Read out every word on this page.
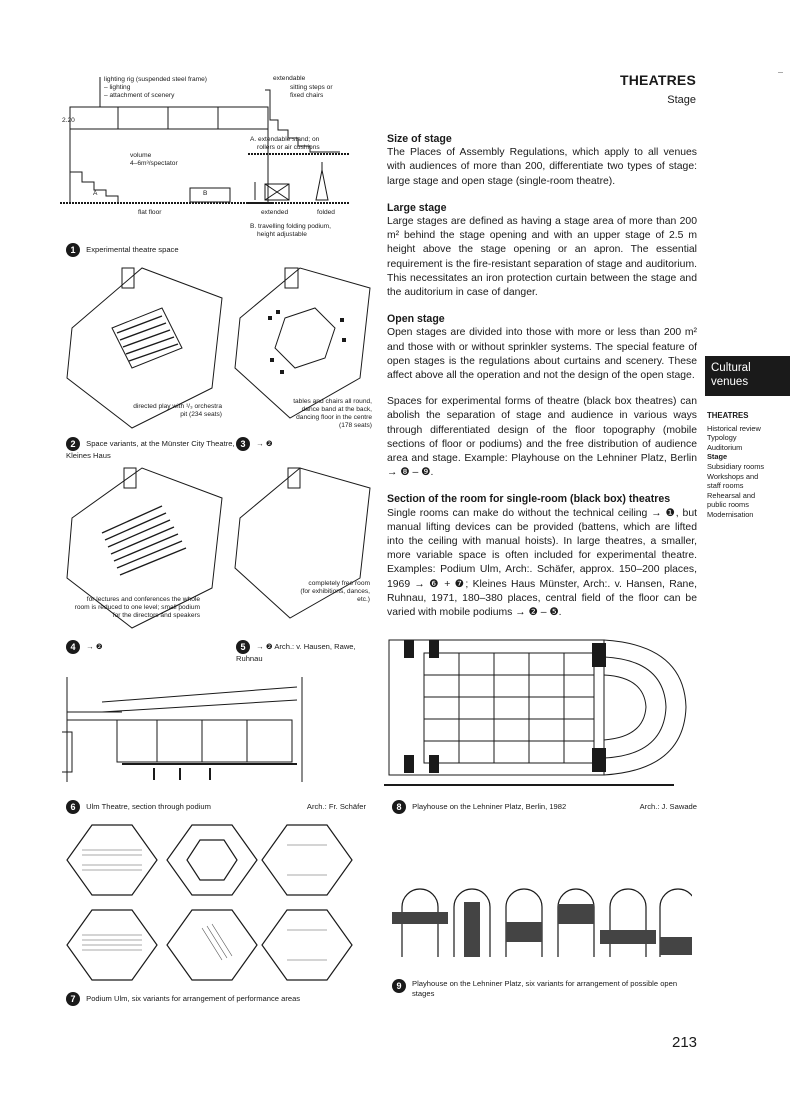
THEATRES
Stage
Size of stage

The Places of Assembly Regulations, which apply to all venues with audiences of more than 200, differentiate two types of stage: large stage and open stage (single-room theatre).

Large stage

Large stages are defined as having a stage area of more than 200 m² behind the stage opening and with an upper stage of 2.5 m height above the stage opening or an apron. The essential requirement is the fire-resistant separation of stage and auditorium. This necessitates an iron protection curtain between the stage and the auditorium in case of danger.

Open stage

Open stages are divided into those with more or less than 200 m² and those with or without sprinkler systems. The special feature of open stages is the regulations about curtains and scenery. These affect above all the operation and not the design of the open stage.

Spaces for experimental forms of theatre (black box theatres) can abolish the separation of stage and audience in various ways through differentiated design of the floor topography (mobile sections of floor or podiums) and the free distribution of audience area and stage. Example: Playhouse on the Lehniner Platz, Berlin → ❽ – ❾.

Section of the room for single-room (black box) theatres

Single rooms can make do without the technical ceiling → ❶, but manual lifting devices can be provided (battens, which are lifted into the ceiling with manual hoists). In large theatres, a smaller, more variable space is often included for experimental theatre. Examples: Podium Ulm, Arch:. Schäfer, approx. 150–200 places, 1969 → ❻ + ❼; Kleines Haus Münster, Arch:. v. Hansen, Rane, Ruhnau, 1971, 180–380 places, central field of the floor can be varied with mobile podiums → ❷ – ❺.

Cultural
venues
THEATRES
Historical review
Typology
Auditorium
Stage
Subsidiary rooms
Workshops and
staff rooms
Rehearsal and
public rooms
Modernisation
lighting rig (suspended steel frame)
– lighting
– attachment of scenery
2.20
volume
4–6m³/spectator
A	B
flat floor
extendable
sitting steps or
fixed chairs
A. extendable stand; on
rollers or air cushions
extended	folded
B. travelling folding podium,
height adjustable
1 Experimental theatre space
directed play with ¹/₃ orchestra pit (234 seats)
2 Space variants, at the Münster City Theatre, Kleines Haus
tables and chairs all round, dance band at the back, dancing floor in the centre (178 seats)
3 → ❷
for lectures and conferences the whole room is reduced to one level; small podium for the directors and speakers
4 → ❷
completely free room (for exhibitions, dances, etc.)
5 → ❷ Arch.: v. Hausen, Rawe, Ruhnau
6 Ulm Theatre, section through podium	Arch.: Fr. Schäfer
7 Podium Ulm, six variants for arrangement of performance areas
8 Playhouse on the Lehniner Platz, Berlin, 1982	Arch.: J. Sawade
9	Playhouse on the Lehniner Platz, six variants for arrangement of possible open stages
213
